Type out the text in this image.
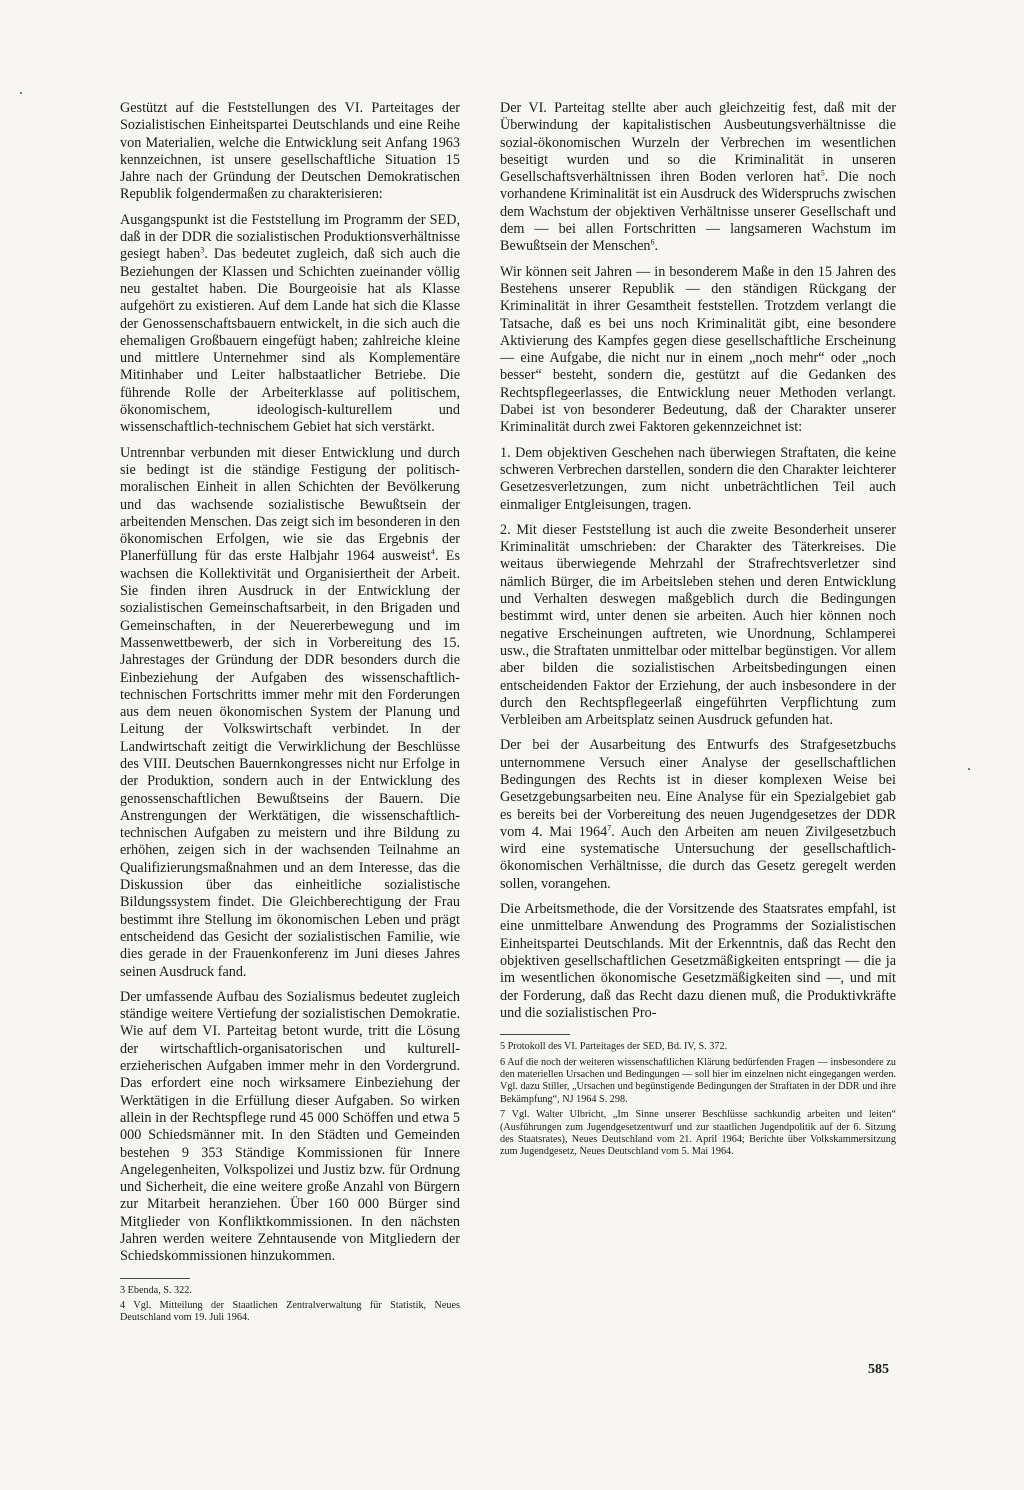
Gestützt auf die Feststellungen des VI. Parteitages der Sozialistischen Einheitspartei Deutschlands und eine Reihe von Materialien, welche die Entwicklung seit Anfang 1963 kennzeichnen, ist unsere gesellschaftliche Situation 15 Jahre nach der Gründung der Deutschen Demokratischen Republik folgendermaßen zu charakterisieren:

Ausgangspunkt ist die Feststellung im Programm der SED, daß in der DDR die sozialistischen Produktionsverhältnisse gesiegt haben$^3$. Das bedeutet zugleich, daß sich auch die Beziehungen der Klassen und Schichten zueinander völlig neu gestaltet haben. Die Bourgeoisie hat als Klasse aufgehört zu existieren. Auf dem Lande hat sich die Klasse der Genossenschaftsbauern entwickelt, in die sich auch die ehemaligen Großbauern eingefügt haben; zahlreiche kleine und mittlere Unternehmer sind als Komplementäre Mitinhaber und Leiter halbstaatlicher Betriebe. Die führende Rolle der Arbeiterklasse auf politischem, ökonomischem, ideologisch-kulturellem und wissenschaftlich-technischem Gebiet hat sich verstärkt.

Untrennbar verbunden mit dieser Entwicklung und durch sie bedingt ist die ständige Festigung der politisch-moralischen Einheit in allen Schichten der Bevölkerung und das wachsende sozialistische Bewußtsein der arbeitenden Menschen. Das zeigt sich im besonderen in den ökonomischen Erfolgen, wie sie das Ergebnis der Planerfüllung für das erste Halbjahr 1964 ausweist$^4$. Es wachsen die Kollektivität und Organisiertheit der Arbeit. Sie finden ihren Ausdruck in der Entwicklung der sozialistischen Gemeinschaftsarbeit, in den Brigaden und Gemeinschaften, in der Neuererbewegung und im Massenwettbewerb, der sich in Vorbereitung des 15. Jahrestages der Gründung der DDR besonders durch die Einbeziehung der Aufgaben des wissenschaftlich-technischen Fortschritts immer mehr mit den Forderungen aus dem neuen ökonomischen System der Planung und Leitung der Volkswirtschaft verbindet. In der Landwirtschaft zeitigt die Verwirklichung der Beschlüsse des VIII. Deutschen Bauernkongresses nicht nur Erfolge in der Produktion, sondern auch in der Entwicklung des genossenschaftlichen Bewußtseins der Bauern. Die Anstrengungen der Werktätigen, die wissenschaftlich-technischen Aufgaben zu meistern und ihre Bildung zu erhöhen, zeigen sich in der wachsenden Teilnahme an Qualifizierungsmaßnahmen und an dem Interesse, das die Diskussion über das einheitliche sozialistische Bildungssystem findet. Die Gleichberechtigung der Frau bestimmt ihre Stellung im ökonomischen Leben und prägt entscheidend das Gesicht der sozialistischen Familie, wie dies gerade in der Frauenkonferenz im Juni dieses Jahres seinen Ausdruck fand.

Der umfassende Aufbau des Sozialismus bedeutet zugleich ständige weitere Vertiefung der sozialistischen Demokratie. Wie auf dem VI. Parteitag betont wurde, tritt die Lösung der wirtschaftlich-organisatorischen und kulturell-erzieherischen Aufgaben immer mehr in den Vordergrund. Das erfordert eine noch wirksamere Einbeziehung der Werktätigen in die Erfüllung dieser Aufgaben. So wirken allein in der Rechtspflege rund 45 000 Schöffen und etwa 5 000 Schiedsmänner mit. In den Städten und Gemeinden bestehen 9 353 Ständige Kommissionen für Innere Angelegenheiten, Volkspolizei und Justiz bzw. für Ordnung und Sicherheit, die eine weitere große Anzahl von Bürgern zur Mitarbeit heranziehen. Über 160 000 Bürger sind Mitglieder von Konfliktkommissionen. In den nächsten Jahren werden weitere Zehntausende von Mitgliedern der Schiedskommissionen hinzukommen.

3 Ebenda, S. 322.

4 Vgl. Mitteilung der Staatlichen Zentralverwaltung für Statistik, Neues Deutschland vom 19. Juli 1964.

Der VI. Parteitag stellte aber auch gleichzeitig fest, daß mit der Überwindung der kapitalistischen Ausbeutungsverhältnisse die sozial-ökonomischen Wurzeln der Verbrechen im wesentlichen beseitigt wurden und so die Kriminalität in unseren Gesellschaftsverhältnissen ihren Boden verloren hat$^5$. Die noch vorhandene Kriminalität ist ein Ausdruck des Widerspruchs zwischen dem Wachstum der objektiven Verhältnisse unserer Gesellschaft und dem — bei allen Fortschritten — langsameren Wachstum im Bewußtsein der Menschen$^6$.

Wir können seit Jahren — in besonderem Maße in den 15 Jahren des Bestehens unserer Republik — den ständigen Rückgang der Kriminalität in ihrer Gesamtheit feststellen. Trotzdem verlangt die Tatsache, daß es bei uns noch Kriminalität gibt, eine besondere Aktivierung des Kampfes gegen diese gesellschaftliche Erscheinung — eine Aufgabe, die nicht nur in einem „noch mehr“ oder „noch besser“ besteht, sondern die, gestützt auf die Gedanken des Rechtspflegeerlasses, die Entwicklung neuer Methoden verlangt. Dabei ist von besonderer Bedeutung, daß der Charakter unserer Kriminalität durch zwei Faktoren gekennzeichnet ist:

1. Dem objektiven Geschehen nach überwiegen Straftaten, die keine schweren Verbrechen darstellen, sondern die den Charakter leichterer Gesetzesverletzungen, zum nicht unbeträchtlichen Teil auch einmaliger Entgleisungen, tragen.

2. Mit dieser Feststellung ist auch die zweite Besonderheit unserer Kriminalität umschrieben: der Charakter des Täterkreises. Die weitaus überwiegende Mehrzahl der Strafrechtsverletzer sind nämlich Bürger, die im Arbeitsleben stehen und deren Entwicklung und Verhalten deswegen maßgeblich durch die Bedingungen bestimmt wird, unter denen sie arbeiten. Auch hier können noch negative Erscheinungen auftreten, wie Unordnung, Schlamperei usw., die Straftaten unmittelbar oder mittelbar begünstigen. Vor allem aber bilden die sozialistischen Arbeitsbedingungen einen entscheidenden Faktor der Erziehung, der auch insbesondere in der durch den Rechtspflegeerlaß eingeführten Verpflichtung zum Verbleiben am Arbeitsplatz seinen Ausdruck gefunden hat.

Der bei der Ausarbeitung des Entwurfs des Strafgesetzbuchs unternommene Versuch einer Analyse der gesellschaftlichen Bedingungen des Rechts ist in dieser komplexen Weise bei Gesetzgebungsarbeiten neu. Eine Analyse für ein Spezialgebiet gab es bereits bei der Vorbereitung des neuen Jugendgesetzes der DDR vom 4. Mai 1964$^7$. Auch den Arbeiten am neuen Zivilgesetzbuch wird eine systematische Untersuchung der gesellschaftlich-ökonomischen Verhältnisse, die durch das Gesetz geregelt werden sollen, vorangehen.

Die Arbeitsmethode, die der Vorsitzende des Staatsrates empfahl, ist eine unmittelbare Anwendung des Programms der Sozialistischen Einheitspartei Deutschlands. Mit der Erkenntnis, daß das Recht den objektiven gesellschaftlichen Gesetzmäßigkeiten entspringt — die ja im wesentlichen ökonomische Gesetzmäßigkeiten sind —, und mit der Forderung, daß das Recht dazu dienen muß, die Produktivkräfte und die sozialistischen Pro-

5 Protokoll des VI. Parteitages der SED, Bd. IV, S. 372.

6 Auf die noch der weiteren wissenschaftlichen Klärung bedürfenden Fragen — insbesondere zu den materiellen Ursachen und Bedingungen — soll hier im einzelnen nicht eingegangen werden. Vgl. dazu Stiller, „Ursachen und begünstigende Bedingungen der Straftaten in der DDR und ihre Bekämpfung“, NJ 1964 S. 298.

7 Vgl. Walter Ulbricht, „Im Sinne unserer Beschlüsse sachkundig arbeiten und leiten“ (Ausführungen zum Jugendgesetzentwurf und zur staatlichen Jugendpolitik auf der 6. Sitzung des Staatsrates), Neues Deutschland vom 21. April 1964; Berichte über Volkskammersitzung zum Jugendgesetz, Neues Deutschland vom 5. Mai 1964.

585
